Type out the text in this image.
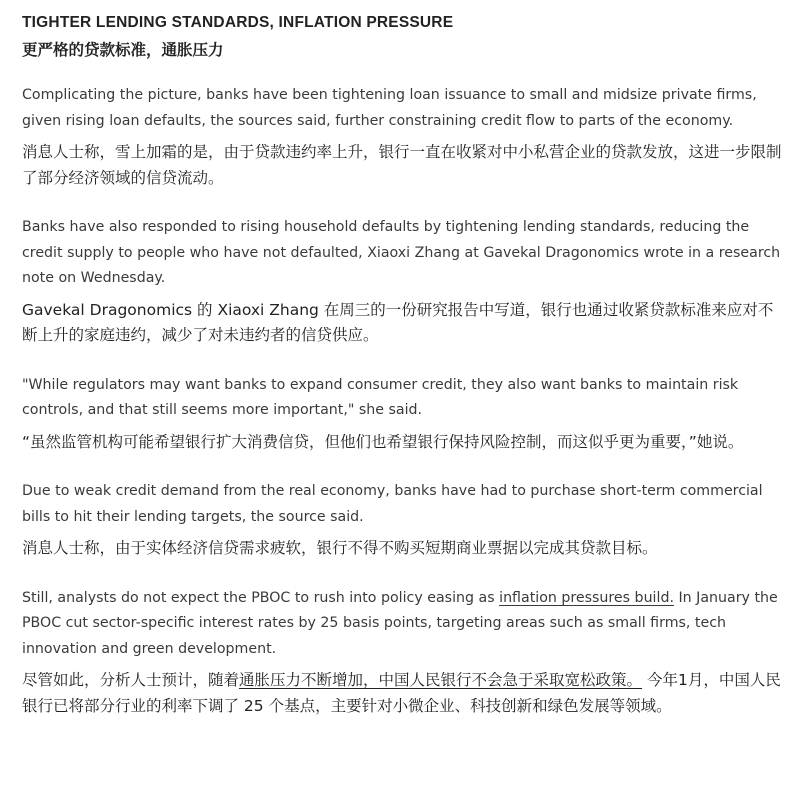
TIGHTER LENDING STANDARDS, INFLATION PRESSURE
更严格的贷款标准，通胀压力

Complicating the picture, banks have been tightening loan issuance to small and midsize private firms, given rising loan defaults, the sources said, further constraining credit flow to parts of the economy.

消息人士称，雪上加霜的是，由于贷款违约率上升，银行一直在收紧对中小私营企业的贷款发放，这进一步限制了部分经济领域的信贷流动。

Banks have also responded to rising household defaults by tightening lending standards, reducing the credit supply to people who have not defaulted, Xiaoxi Zhang at Gavekal Dragonomics wrote in a research note on Wednesday.

Gavekal Dragonomics 的 Xiaoxi Zhang 在周三的一份研究报告中写道，银行也通过收紧贷款标准来应对不断上升的家庭违约，减少了对未违约者的信贷供应。

"While regulators may want banks to expand consumer credit, they also want banks to maintain risk controls, and that still seems more important," she said.

“虽然监管机构可能希望银行扩大消费信贷，但他们也希望银行保持风险控制，而这似乎更为重要，”她说。

Due to weak credit demand from the real economy, banks have had to purchase short-term commercial bills to hit their lending targets, the source said.

消息人士称，由于实体经济信贷需求疲软，银行不得不购买短期商业票据以完成其贷款目标。

Still, analysts do not expect the PBOC to rush into policy easing as inflation pressures build. In January the PBOC cut sector-specific interest rates by 25 basis points, targeting areas such as small firms, tech innovation and green development.

尽管如此，分析人士预计，随着通胀压力不断增加，中国人民银行不会急于采取宽松政策。 今年1月，中国人民银行已将部分行业的利率下调了 25 个基点，主要针对小微企业、科技创新和绿色发展等领域。
